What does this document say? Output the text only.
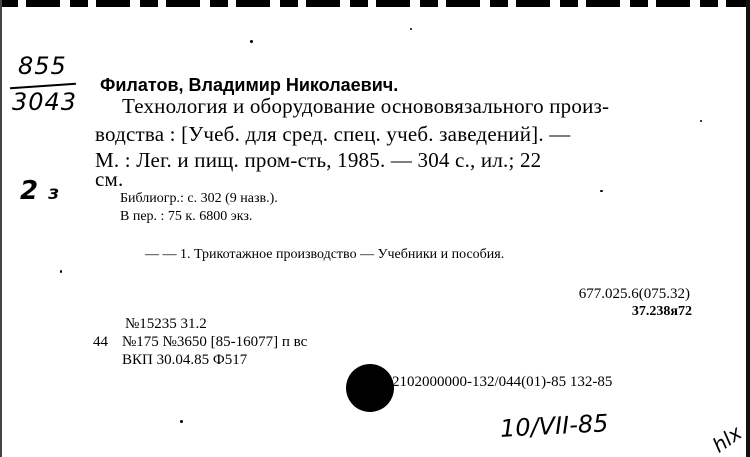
855
3043
2 ₃
Филатов, Владимир Николаевич.
Технология и оборудование основовязального произ-
водства : [Учеб. для сред. спец. учеб. заведений]. —
М. : Лег. и пищ. пром-сть, 1985. — 304 с., ил.; 22
см.
Библиогр.: с. 302 (9 назв.).
В пер. : 75 к. 6800 экз.
— — 1. Трикотажное производство — Учебники и пособия.
677.025.6(075.32)
37.238я72
№15235 31.2
44 №175 №3650 [85-16077] п вс
ВКП 30.04.85 Ф517
2102000000-132/044(01)-85 132-85
10/VII-85	hlx
